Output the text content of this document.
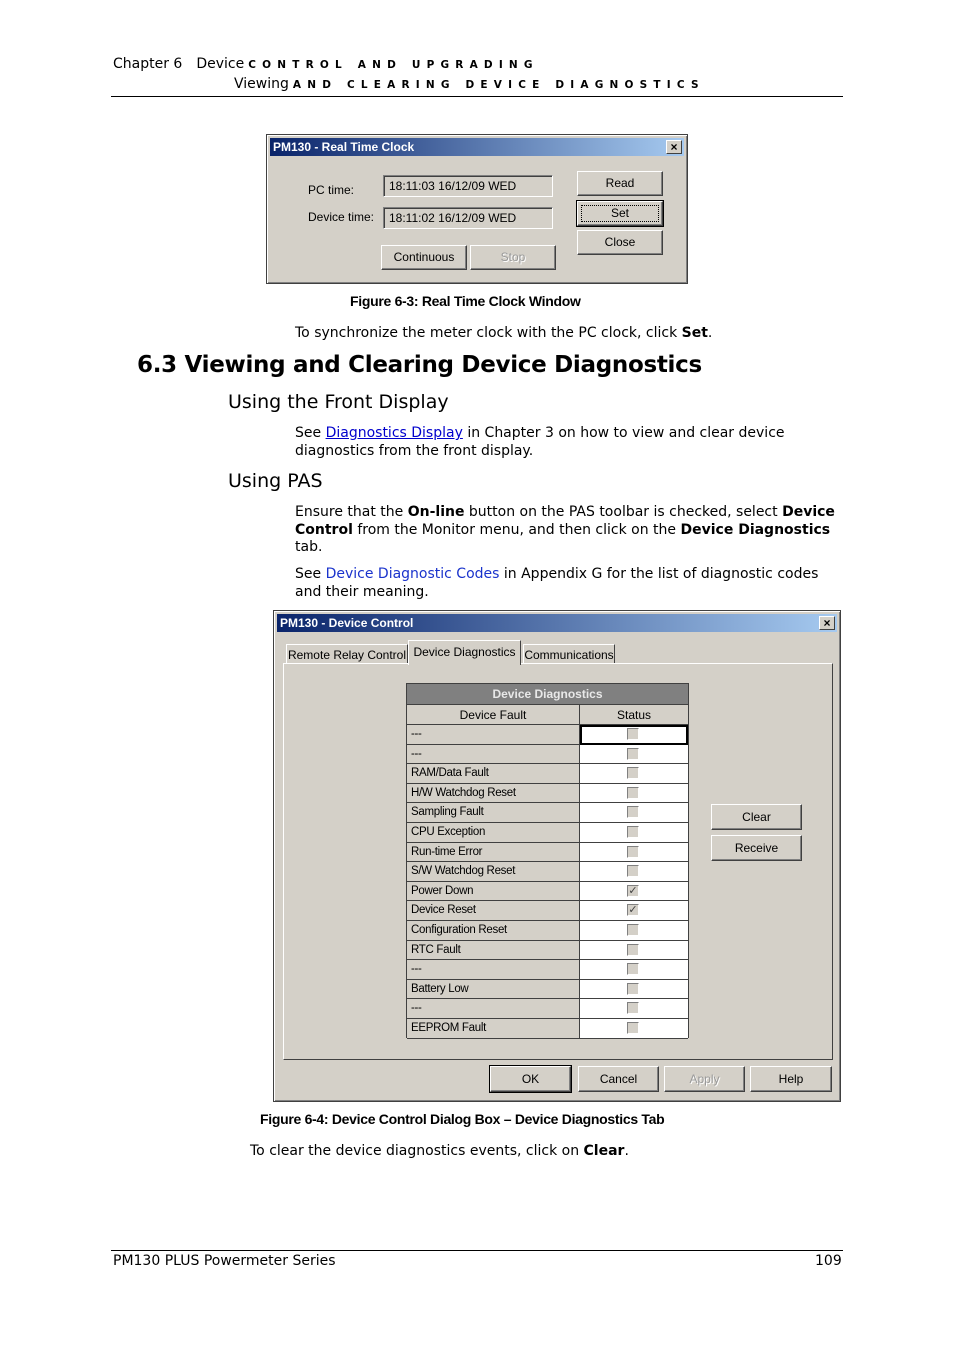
Chapter 6 Device CONTROL AND UPGRADING
Viewing AND CLEARING DEVICE DIAGNOSTICS
PM130 - Real Time Clock	×
PC time:	18:11:03 16/12/09 WED
Device time:	18:11:02 16/12/09 WED
Read
Set
Close
Continuous	Stop
Figure 6-3: Real Time Clock Window
To synchronize the meter clock with the PC clock, click Set.
6.3 Viewing and Clearing Device Diagnostics
Using the Front Display
See Diagnostics Display in Chapter 3 on how to view and clear device diagnostics from the front display.
Using PAS
Ensure that the On-line button on the PAS toolbar is checked, select Device Control from the Monitor menu, and then click on the Device Diagnostics tab.
See Device Diagnostic Codes in Appendix G for the list of diagnostic codes and their meaning.
PM130 - Device Control	×
Remote Relay Control Device Diagnostics Communications
Clear
Receive
OK	Cancel	Apply	Help
Device Diagnostics
Device Fault	Status
---
---
RAM/Data Fault
H/W Watchdog Reset
Sampling Fault
CPU Exception
Run-time Error
S/W Watchdog Reset
Power Down	✓
Device Reset	✓
Configuration Reset
RTC Fault
---
Battery Low
---
EEPROM Fault
Figure 6-4: Device Control Dialog Box – Device Diagnostics Tab
To clear the device diagnostics events, click on Clear.
PM130 PLUS Powermeter Series	109
